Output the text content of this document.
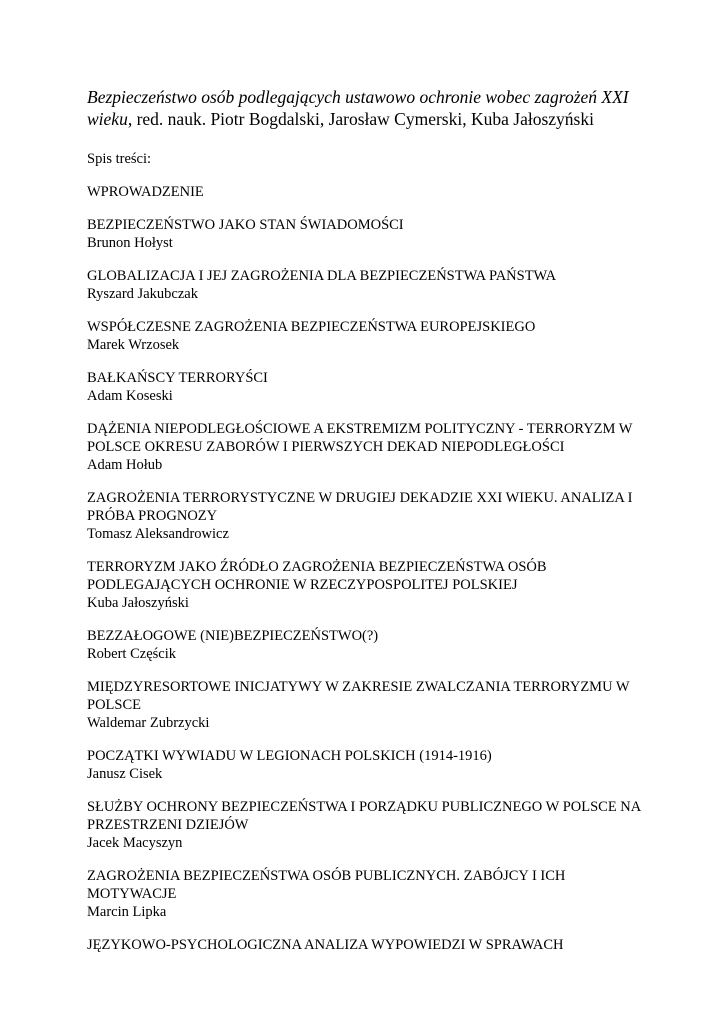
Bezpieczeństwo osób podlegających ustawowo ochronie wobec zagrożeń XXI wieku, red. nauk. Piotr Bogdalski, Jarosław Cymerski, Kuba Jałoszyński

Spis treści:

WPROWADZENIE

BEZPIECZEŃSTWO JAKO STAN ŚWIADOMOŚCI

Brunon Hołyst

GLOBALIZACJA I JEJ ZAGROŻENIA DLA BEZPIECZEŃSTWA PAŃSTWA

Ryszard Jakubczak

WSPÓŁCZESNE ZAGROŻENIA BEZPIECZEŃSTWA EUROPEJSKIEGO

Marek Wrzosek

BAŁKAŃSCY TERRORYŚCI

Adam Koseski

DĄŻENIA NIEPODLEGŁOŚCIOWE A EKSTREMIZM POLITYCZNY - TERRORYZM W POLSCE OKRESU ZABORÓW I PIERWSZYCH DEKAD NIEPODLEGŁOŚCI

Adam Hołub

ZAGROŻENIA TERRORYSTYCZNE W DRUGIEJ DEKADZIE XXI WIEKU. ANALIZA I PRÓBA PROGNOZY

Tomasz Aleksandrowicz

TERRORYZM JAKO ŹRÓDŁO ZAGROŻENIA BEZPIECZEŃSTWA OSÓB PODLEGAJĄCYCH OCHRONIE W RZECZYPOSPOLITEJ POLSKIEJ

Kuba Jałoszyński

BEZZAŁOGOWE (NIE)BEZPIECZEŃSTWO(?)

Robert Częścik

MIĘDZYRESORTOWE INICJATYWY W ZAKRESIE ZWALCZANIA TERRORYZMU W POLSCE

Waldemar Zubrzycki

POCZĄTKI WYWIADU W LEGIONACH POLSKICH (1914-1916)

Janusz Cisek

SŁUŻBY OCHRONY BEZPIECZEŃSTWA I PORZĄDKU PUBLICZNEGO W POLSCE NA PRZESTRZENI DZIEJÓW

Jacek Macyszyn

ZAGROŻENIA BEZPIECZEŃSTWA OSÓB PUBLICZNYCH. ZABÓJCY I ICH MOTYWACJE

Marcin Lipka

JĘZYKOWO-PSYCHOLOGICZNA ANALIZA WYPOWIEDZI W SPRAWACH
